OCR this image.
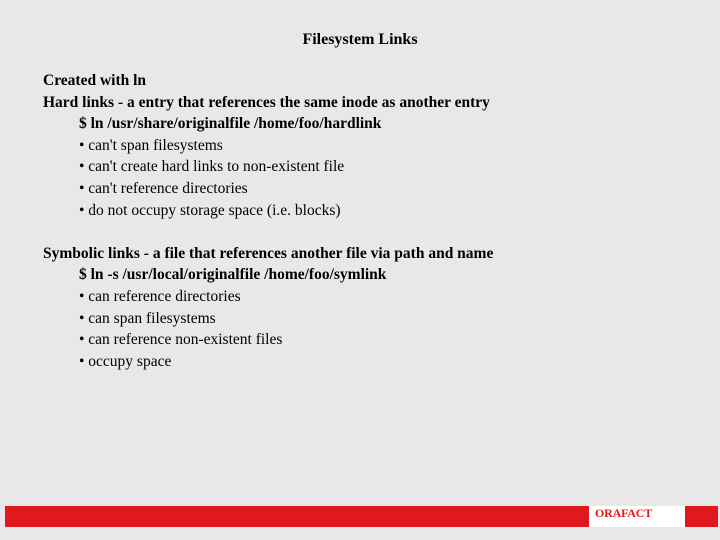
Filesystem Links
Created with ln
Hard links - a entry that references the same inode as another entry
$ ln /usr/share/originalfile /home/foo/hardlink
• can't span filesystems
• can't create hard links to non-existent file
• can't reference directories
• do not occupy storage space (i.e. blocks)
Symbolic links - a file that references another file via path and name
$ ln -s /usr/local/originalfile /home/foo/symlink
• can reference directories
• can span filesystems
• can reference non-existent files
• occupy space
ORAFACT
